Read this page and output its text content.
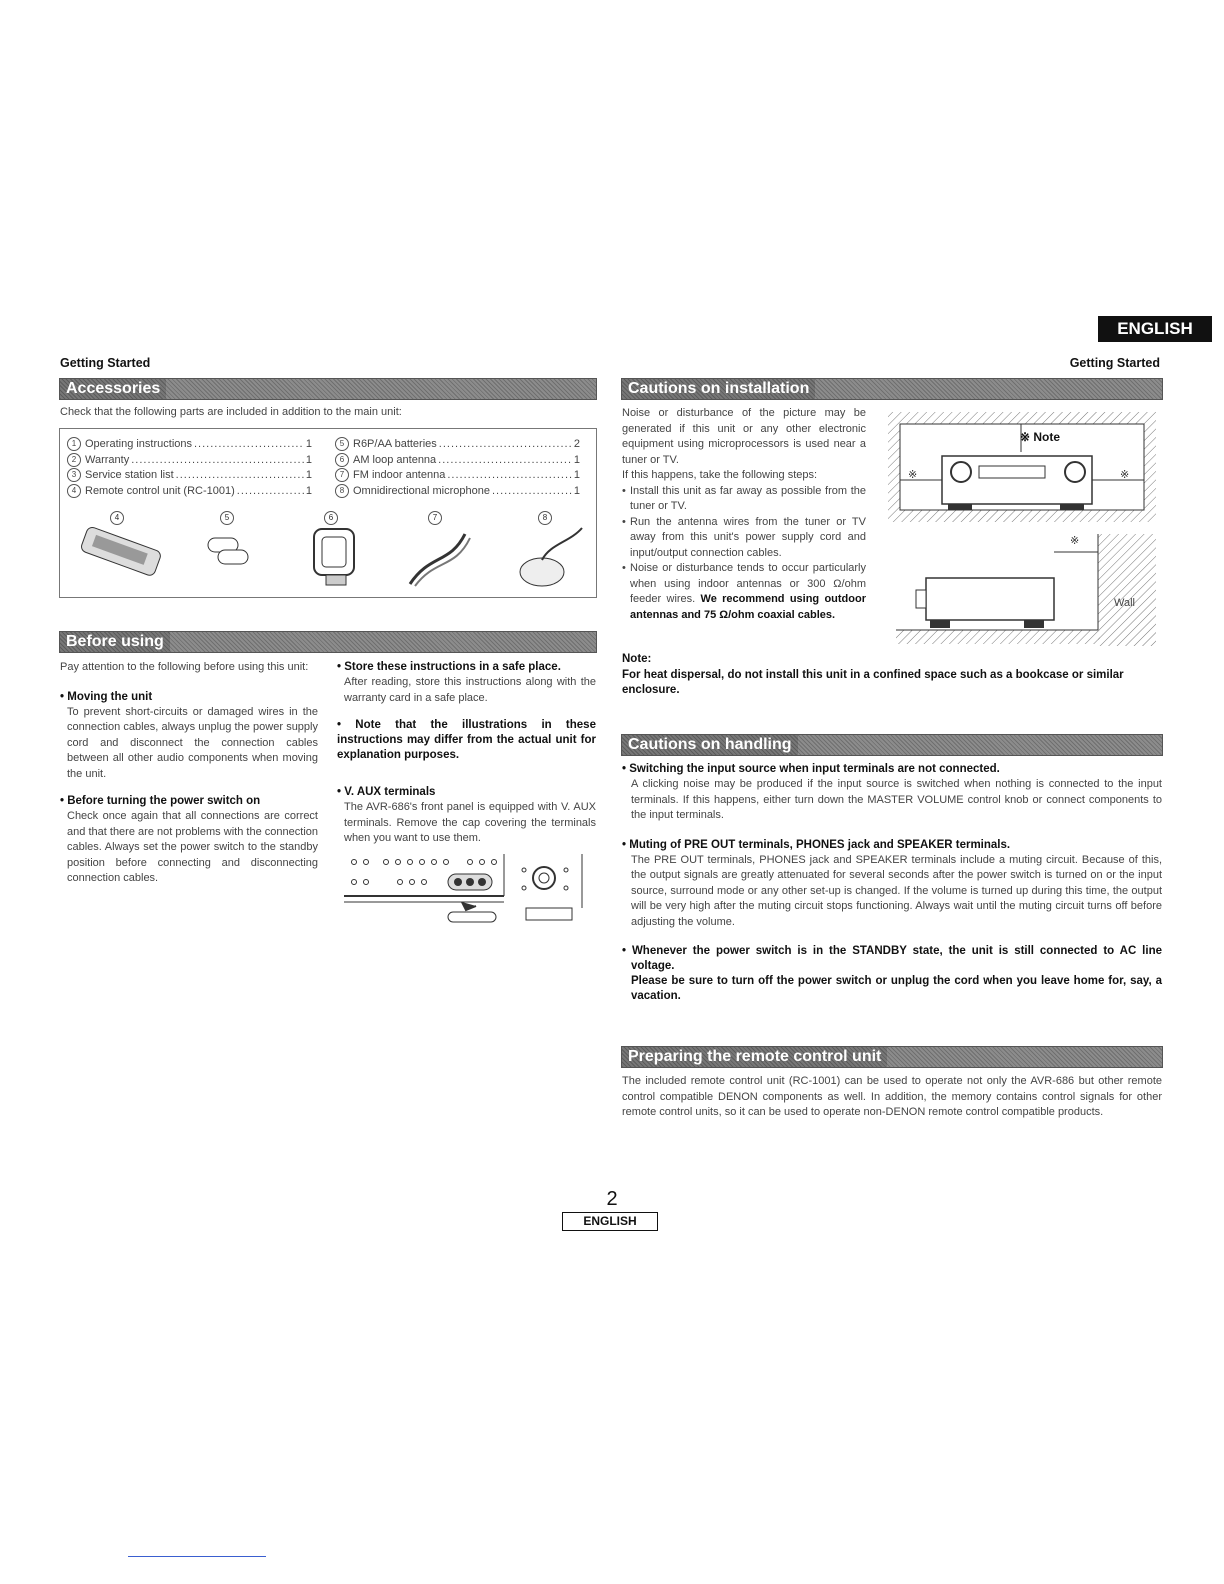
ENGLISH
Getting Started	Getting Started
Accessories
Check that the following parts are included in addition to the main unit:
1 Operating instructions .....	1
2 Warranty .....	1
3 Service station list .....	1
4 Remote control unit (RC-1001) .....	1
5 R6P/AA batteries .....	2
6 AM loop antenna .....	1
7 FM indoor antenna .....	1
8 Omnidirectional microphone .....	1
4	5	6	7	8
Before using
Pay attention to the following before using this unit:
• Moving the unit
To prevent short-circuits or damaged wires in the connection cables, always unplug the power supply cord and disconnect the connection cables between all other audio components when moving the unit.
• Before turning the power switch on
Check once again that all connections are correct and that there are not problems with the connection cables. Always set the power switch to the standby position before connecting and disconnecting connection cables.
• Store these instructions in a safe place.
After reading, store this instructions along with the warranty card in a safe place.
• Note that the illustrations in these instructions may differ from the actual unit for explanation purposes.
• V. AUX terminals
The AVR-686's front panel is equipped with V. AUX terminals. Remove the cap covering the terminals when you want to use them.
Cautions on installation
Noise or disturbance of the picture may be generated if this unit or any other electronic equipment using microprocessors is used near a tuner or TV.
If this happens, take the following steps:
• Install this unit as far away as possible from the tuner or TV.
• Run the antenna wires from the tuner or TV away from this unit's power supply cord and input/output connection cables.
• Noise or disturbance tends to occur particularly when using indoor antennas or 300 Ω/ohm feeder wires. We recommend using outdoor antennas and 75 Ω/ohm coaxial cables.
※ Note
※	※
※
Wall
Note:
For heat dispersal, do not install this unit in a confined space such as a bookcase or similar enclosure.
Cautions on handling
• Switching the input source when input terminals are not connected.
A clicking noise may be produced if the input source is switched when nothing is connected to the input terminals. If this happens, either turn down the MASTER VOLUME control knob or connect components to the input terminals.
• Muting of PRE OUT terminals, PHONES jack and SPEAKER terminals.
The PRE OUT terminals, PHONES jack and SPEAKER terminals include a muting circuit. Because of this, the output signals are greatly attenuated for several seconds after the power switch is turned on or the input source, surround mode or any other set-up is changed. If the volume is turned up during this time, the output will be very high after the muting circuit stops functioning. Always wait until the muting circuit turns off before adjusting the volume.
• Whenever the power switch is in the STANDBY state, the unit is still connected to AC line voltage.
Please be sure to turn off the power switch or unplug the cord when you leave home for, say, a vacation.
Preparing the remote control unit
The included remote control unit (RC-1001) can be used to operate not only the AVR-686 but other remote control compatible DENON components as well. In addition, the memory contains control signals for other remote control units, so it can be used to operate non-DENON remote control compatible products.
2
ENGLISH
